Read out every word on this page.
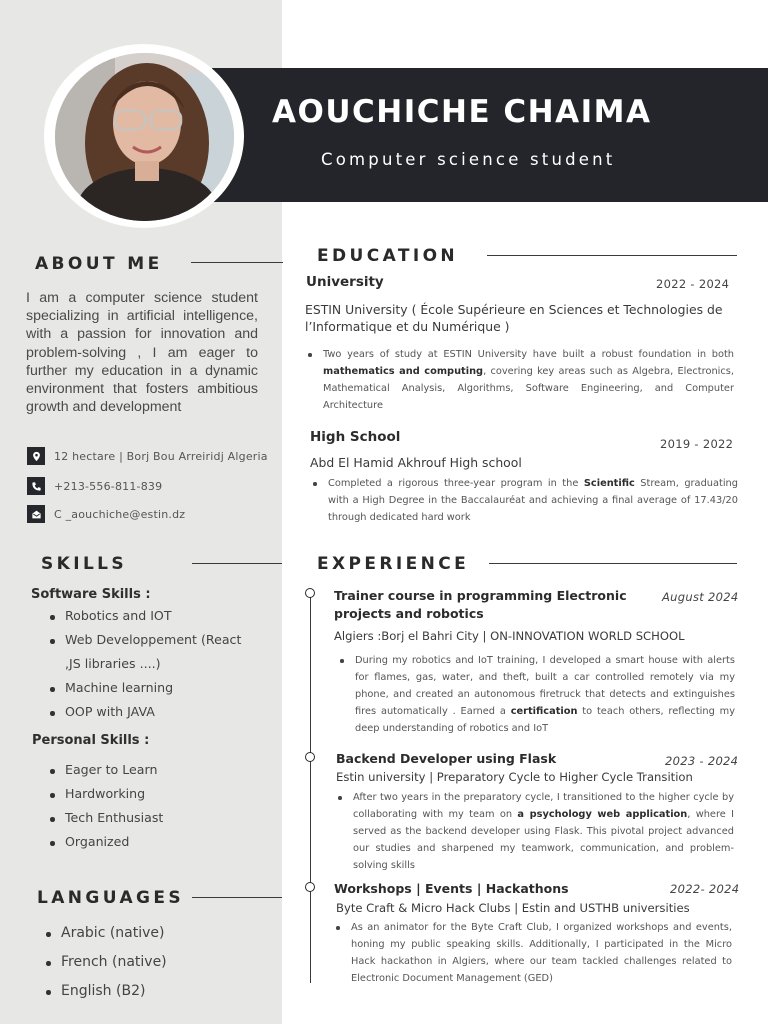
AOUCHICHE CHAIMA
Computer science student
ABOUT ME
I am a computer science student specializing in artificial intelligence, with a passion for innovation and problem-solving , I am eager to further my education in a dynamic environment that fosters ambitious growth and development
12 hectare | Borj Bou Arreiridj Algeria
+213-556-811-839
C _aouchiche@estin.dz
SKILLS
Software Skills :
Robotics and IOT
Web Developpement (React
,JS libraries ....)
Machine learning
OOP with JAVA
Personal Skills :
Eager to Learn
Hardworking
Tech Enthusiast
Organized
LANGUAGES
Arabic (native)
French (native)
English (B2)
EDUCATION
University	2022 - 2024
ESTIN University ( École Supérieure en Sciences et Technologies de l’Informatique et du Numérique )
Two years of study at ESTIN University have built a robust foundation in both mathematics and computing, covering key areas such as Algebra, Electronics, Mathematical Analysis, Algorithms, Software Engineering, and Computer Architecture
High School	2019 - 2022
Abd El Hamid Akhrouf High school
Completed a rigorous three-year program in the Scientific Stream, graduating with a High Degree in the Baccalauréat and achieving a final average of 17.43/20 through dedicated hard work
EXPERIENCE
Trainer course in programming Electronic projects and robotics
August 2024
Algiers :Borj el Bahri City | ON-INNOVATION WORLD SCHOOL
During my robotics and IoT training, I developed a smart house with alerts for flames, gas, water, and theft, built a car controlled remotely via my phone, and created an autonomous firetruck that detects and extinguishes fires automatically . Earned a certification to teach others, reflecting my deep understanding of robotics and IoT
Backend Developer using Flask	2023 - 2024
Estin university | Preparatory Cycle to Higher Cycle Transition
After two years in the preparatory cycle, I transitioned to the higher cycle by collaborating with my team on a psychology web application, where I served as the backend developer using Flask. This pivotal project advanced our studies and sharpened my teamwork, communication, and problem-solving skills
Workshops | Events | Hackathons	2022- 2024
Byte Craft & Micro Hack Clubs | Estin and USTHB universities
As an animator for the Byte Craft Club, I organized workshops and events, honing my public speaking skills. Additionally, I participated in the Micro Hack hackathon in Algiers, where our team tackled challenges related to Electronic Document Management (GED)
